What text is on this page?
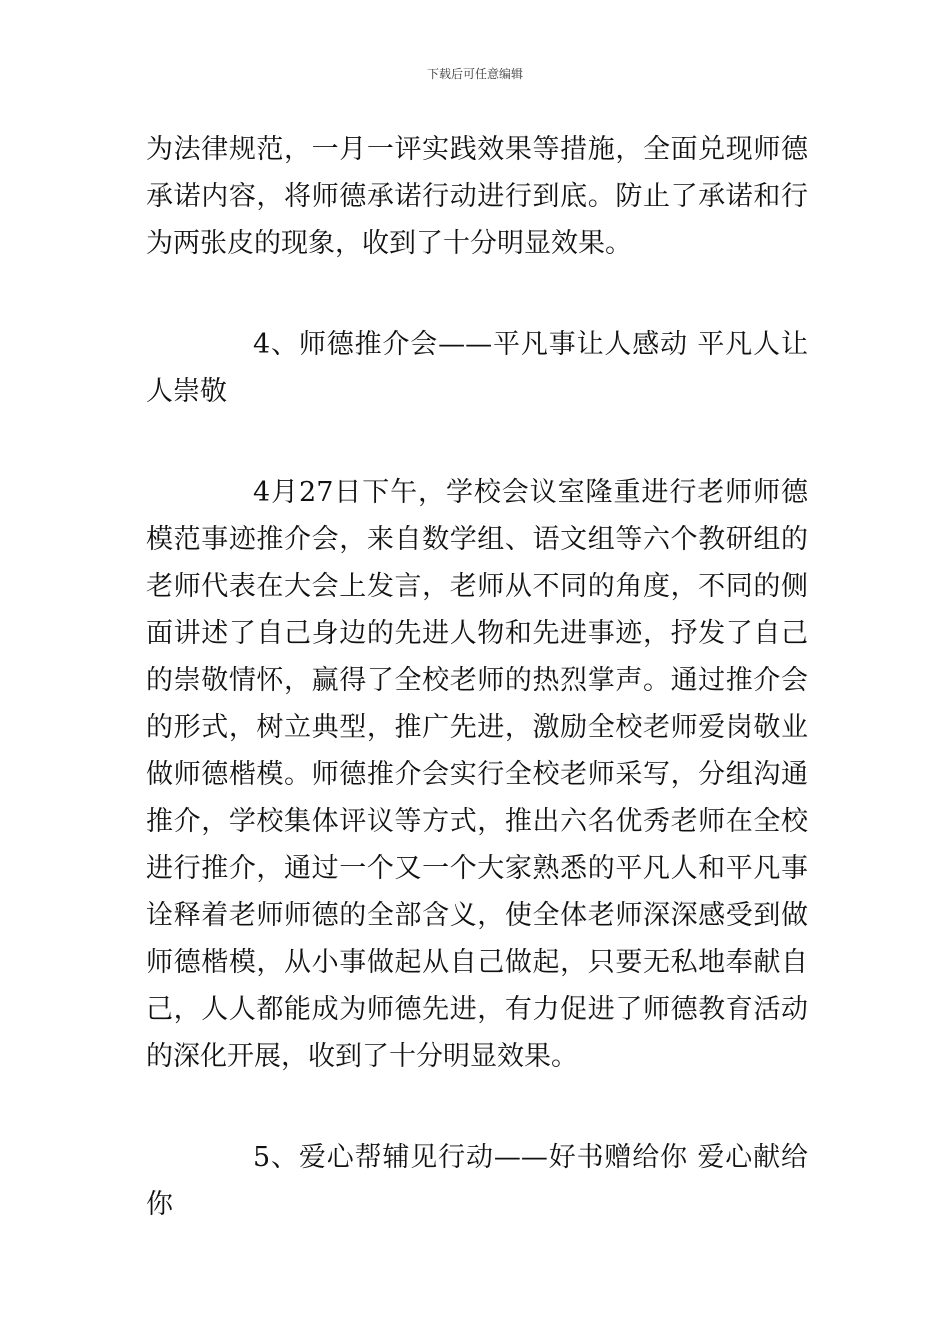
下载后可任意编辑

为法律规范，一月一评实践效果等措施，全面兑现师德承诺内容，将师德承诺行动进行到底。防止了承诺和行为两张皮的现象，收到了十分明显效果。

4、师德推介会——平凡事让人感动 平凡人让人崇敬

4月27日下午，学校会议室隆重进行老师师德模范事迹推介会，来自数学组、语文组等六个教研组的老师代表在大会上发言，老师从不同的角度，不同的侧面讲述了自己身边的先进人物和先进事迹，抒发了自己的崇敬情怀，赢得了全校老师的热烈掌声。通过推介会的形式，树立典型，推广先进，激励全校老师爱岗敬业做师德楷模。师德推介会实行全校老师采写，分组沟通推介，学校集体评议等方式，推出六名优秀老师在全校进行推介，通过一个又一个大家熟悉的平凡人和平凡事诠释着老师师德的全部含义，使全体老师深深感受到做师德楷模，从小事做起从自己做起，只要无私地奉献自己，人人都能成为师德先进，有力促进了师德教育活动的深化开展，收到了十分明显效果。

5、爱心帮辅见行动——好书赠给你 爱心献给你
